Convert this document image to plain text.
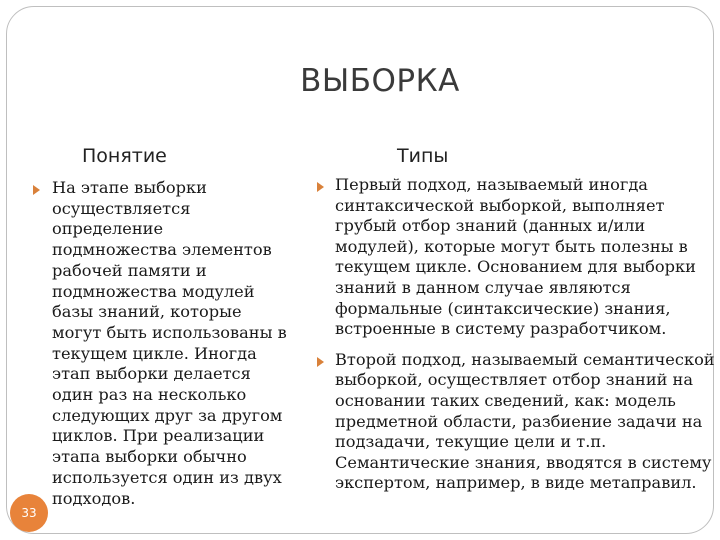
ВЫБОРКА
Понятие	Типы
На этапе выборки
осуществляется
определение
подмножества элементов
рабочей памяти и
подмножества модулей
базы знаний, которые
могут быть использованы в
текущем цикле. Иногда
этап выборки делается
один раз на несколько
следующих друг за другом
циклов. При реализации
этапа выборки обычно
используется один из двух
подходов.
Первый подход, называемый иногда
синтаксической выборкой, выполняет
грубый отбор знаний (данных и/или
модулей), которые могут быть полезны в
текущем цикле. Основанием для выборки
знаний в данном случае являются
формальные (синтаксические) знания,
встроенные в систему разработчиком.
Второй подход, называемый семантической
выборкой, осуществляет отбор знаний на
основании таких сведений, как: модель
предметной области, разбиение задачи на
подзадачи, текущие цели и т.п.
Семантические знания, вводятся в систему
экспертом, например, в виде метаправил.
33
